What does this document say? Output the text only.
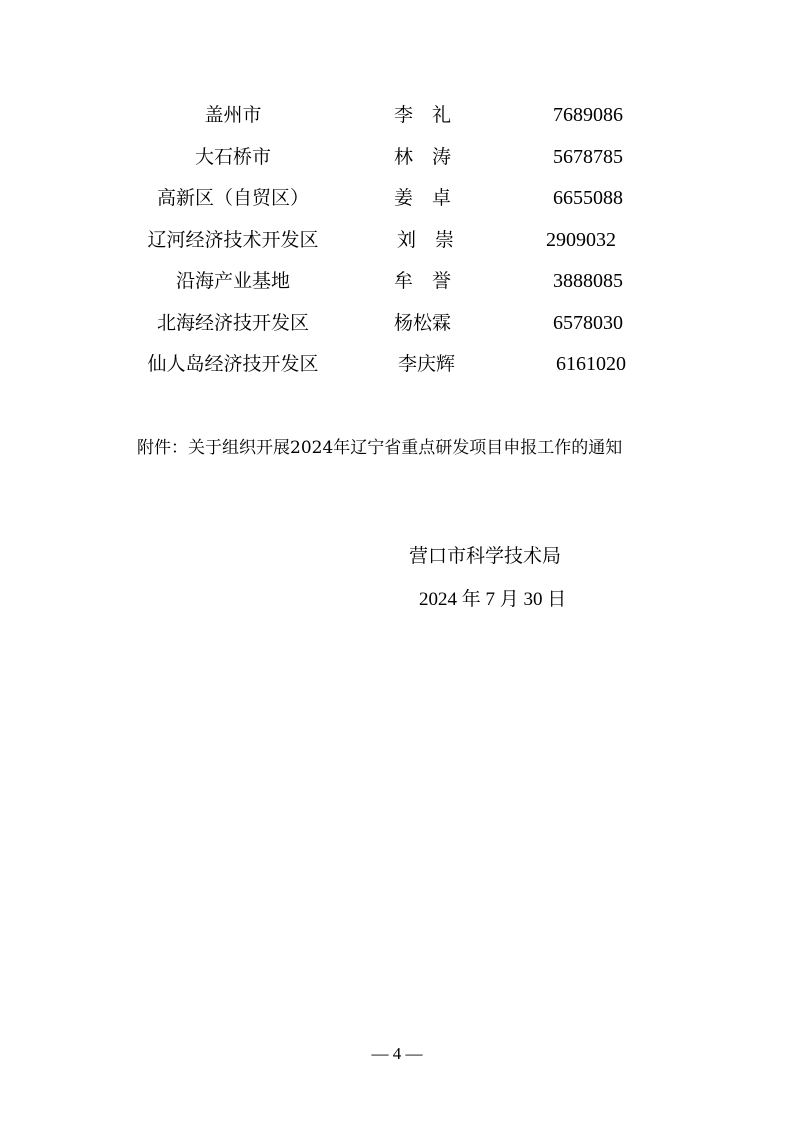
盖州市	李　礼	7689086
大石桥市	林　涛	5678785
高新区（自贸区）	姜　卓	6655088
辽河经济技术开发区	刘　崇	2909032
沿海产业基地	牟　誉	3888085
北海经济技开发区	杨松霖	6578030
仙人岛经济技开发区	李庆辉	6161020
附件：关于组织开展2024年辽宁省重点研发项目申报工作的通知
营口市科学技术局
2024 年 7 月 30 日
— 4 —
